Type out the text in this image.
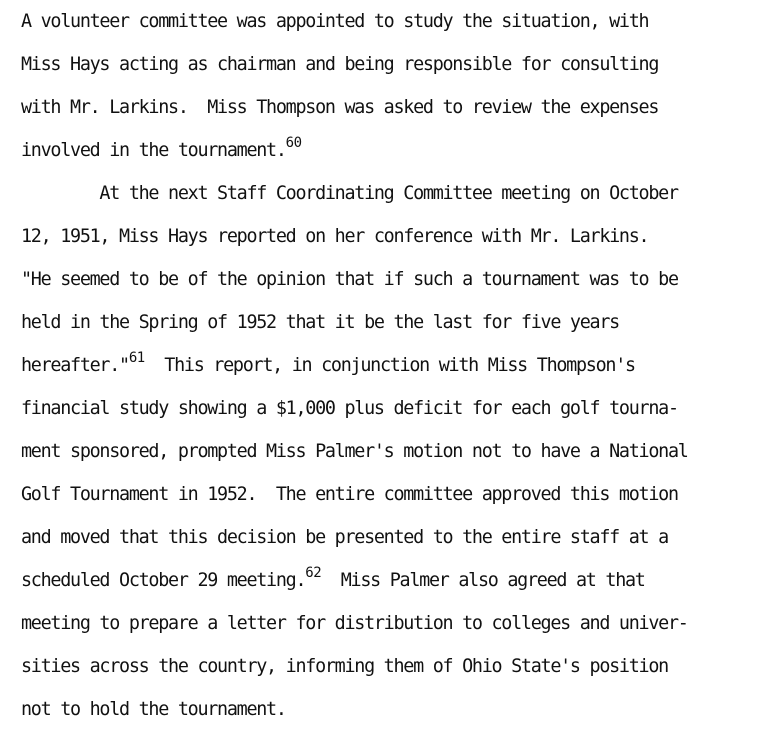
A volunteer committee was appointed to study the situation, with
Miss Hays acting as chairman and being responsible for consulting
with Mr. Larkins.  Miss Thompson was asked to review the expenses
involved in the tournament.$^{60}$
At the next Staff Coordinating Committee meeting on October
12, 1951, Miss Hays reported on her conference with Mr. Larkins.
"He seemed to be of the opinion that if such a tournament was to be
held in the Spring of 1952 that it be the last for five years
hereafter."$^{61}$  This report, in conjunction with Miss Thompson's
financial study showing a $1,000 plus deficit for each golf tourna-
ment sponsored, prompted Miss Palmer's motion not to have a National
Golf Tournament in 1952.  The entire committee approved this motion
and moved that this decision be presented to the entire staff at a
scheduled October 29 meeting.$^{62}$  Miss Palmer also agreed at that
meeting to prepare a letter for distribution to colleges and univer-
sities across the country, informing them of Ohio State's position
not to hold the tournament.
